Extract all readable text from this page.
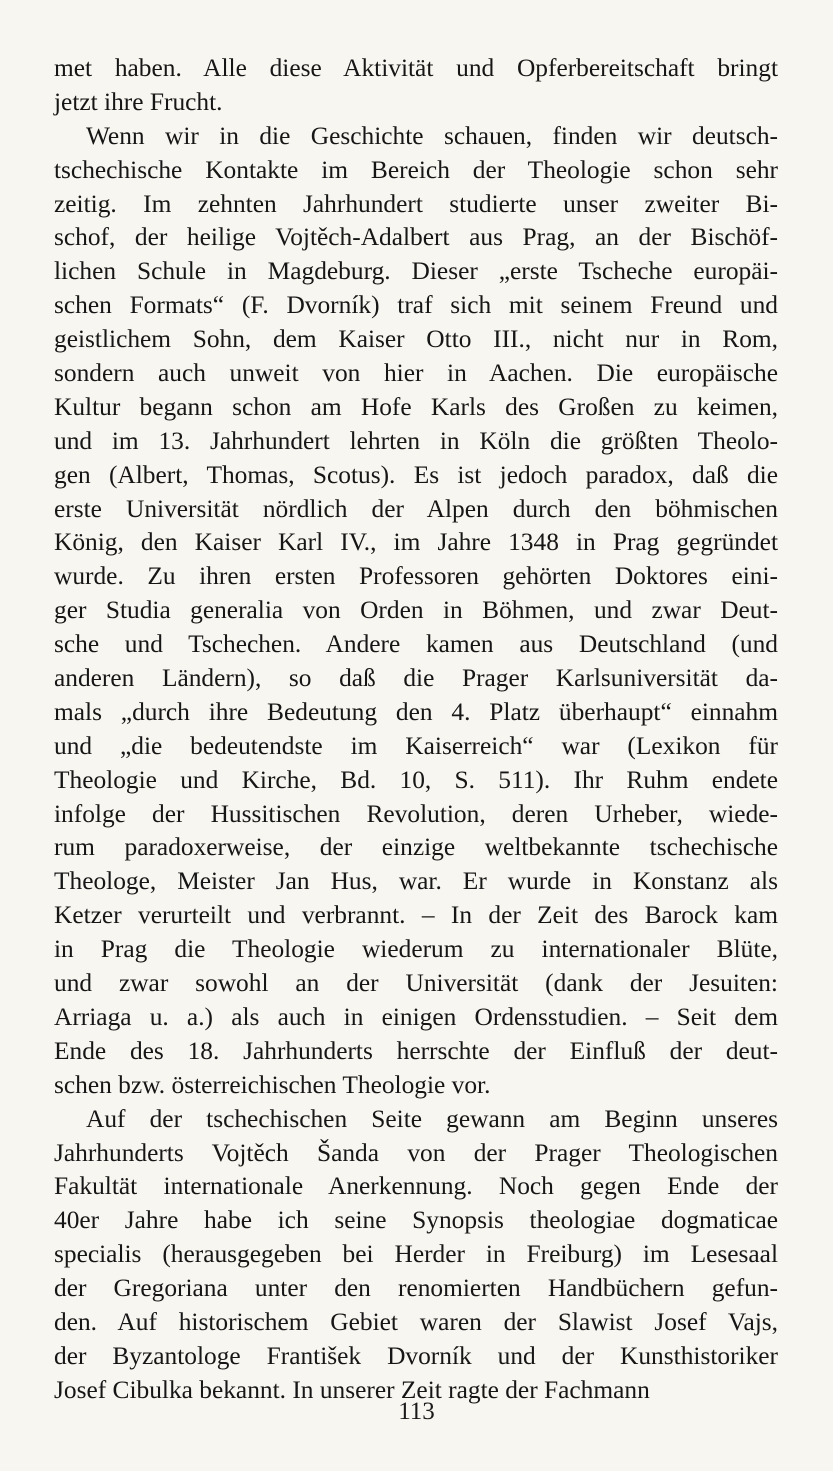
met haben. Alle diese Aktivität und Opferbereitschaft bringt
jetzt ihre Frucht.
Wenn wir in die Geschichte schauen, finden wir deutsch-
tschechische Kontakte im Bereich der Theologie schon sehr
zeitig. Im zehnten Jahrhundert studierte unser zweiter Bi-
schof, der heilige Vojtěch-Adalbert aus Prag, an der Bischöf-
lichen Schule in Magdeburg. Dieser „erste Tscheche europäi-
schen Formats“ (F. Dvorník) traf sich mit seinem Freund und
geistlichem Sohn, dem Kaiser Otto III., nicht nur in Rom,
sondern auch unweit von hier in Aachen. Die europäische
Kultur begann schon am Hofe Karls des Großen zu keimen,
und im 13. Jahrhundert lehrten in Köln die größten Theolo-
gen (Albert, Thomas, Scotus). Es ist jedoch paradox, daß die
erste Universität nördlich der Alpen durch den böhmischen
König, den Kaiser Karl IV., im Jahre 1348 in Prag gegründet
wurde. Zu ihren ersten Professoren gehörten Doktores eini-
ger Studia generalia von Orden in Böhmen, und zwar Deut-
sche und Tschechen. Andere kamen aus Deutschland (und
anderen Ländern), so daß die Prager Karlsuniversität da-
mals „durch ihre Bedeutung den 4. Platz überhaupt“ einnahm
und „die bedeutendste im Kaiserreich“ war (Lexikon für
Theologie und Kirche, Bd. 10, S. 511). Ihr Ruhm endete
infolge der Hussitischen Revolution, deren Urheber, wiede-
rum paradoxerweise, der einzige weltbekannte tschechische
Theologe, Meister Jan Hus, war. Er wurde in Konstanz als
Ketzer verurteilt und verbrannt. – In der Zeit des Barock kam
in Prag die Theologie wiederum zu internationaler Blüte,
und zwar sowohl an der Universität (dank der Jesuiten:
Arriaga u. a.) als auch in einigen Ordensstudien. – Seit dem
Ende des 18. Jahrhunderts herrschte der Einfluß der deut-
schen bzw. österreichischen Theologie vor.
Auf der tschechischen Seite gewann am Beginn unseres
Jahrhunderts Vojtěch Šanda von der Prager Theologischen
Fakultät internationale Anerkennung. Noch gegen Ende der
40er Jahre habe ich seine Synopsis theologiae dogmaticae
specialis (herausgegeben bei Herder in Freiburg) im Lesesaal
der Gregoriana unter den renomierten Handbüchern gefun-
den. Auf historischem Gebiet waren der Slawist Josef Vajs,
der Byzantologe František Dvorník und der Kunsthistoriker
Josef Cibulka bekannt. In unserer Zeit ragte der Fachmann
113
